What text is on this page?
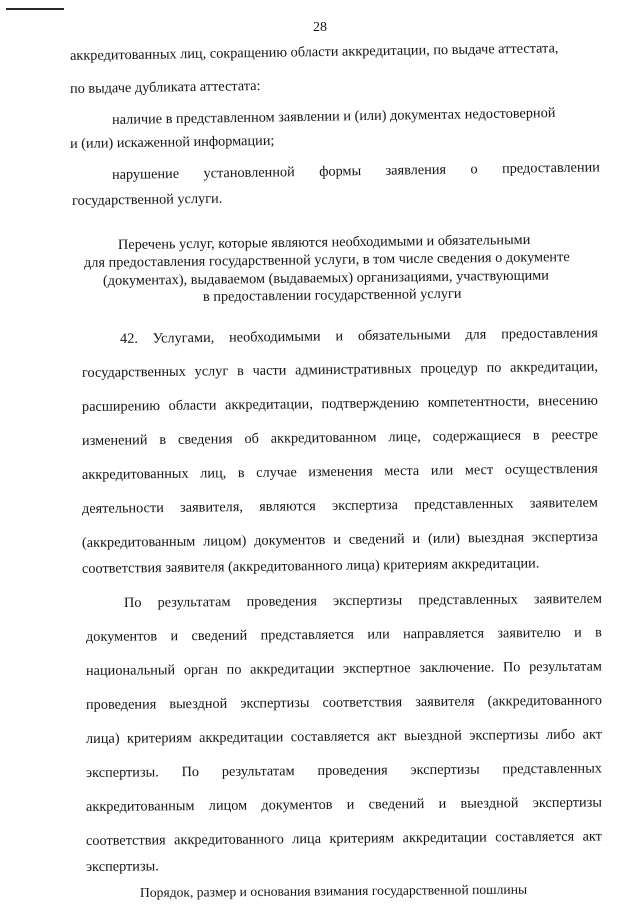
28
аккредитованных лиц, сокращению области аккредитации, по выдаче аттестата,
по выдаче дубликата аттестата:
наличие в представленном заявлении и (или) документах недостоверной
и (или) искаженной информации;
нарушение установленной формы заявления о предоставлении
государственной услуги.
Перечень услуг, которые являются необходимыми и обязательными
для предоставления государственной услуги, в том числе сведения о документе
(документах), выдаваемом (выдаваемых) организациями, участвующими
в предоставлении государственной услуги
42. Услугами, необходимыми и обязательными для предоставления
государственных услуг в части административных процедур по аккредитации,
расширению области аккредитации, подтверждению компетентности, внесению
изменений в сведения об аккредитованном лице, содержащиеся в реестре
аккредитованных лиц, в случае изменения места или мест осуществления
деятельности заявителя, являются экспертиза представленных заявителем
(аккредитованным лицом) документов и сведений и (или) выездная экспертиза
соответствия заявителя (аккредитованного лица) критериям аккредитации.
По результатам проведения экспертизы представленных заявителем
документов и сведений представляется или направляется заявителю и в
национальный орган по аккредитации экспертное заключение. По результатам
проведения выездной экспертизы соответствия заявителя (аккредитованного
лица) критериям аккредитации составляется акт выездной экспертизы либо акт
экспертизы. По результатам проведения экспертизы представленных
аккредитованным лицом документов и сведений и выездной экспертизы
соответствия аккредитованного лица критериям аккредитации составляется акт
экспертизы.
Порядок, размер и основания взимания государственной пошлины
